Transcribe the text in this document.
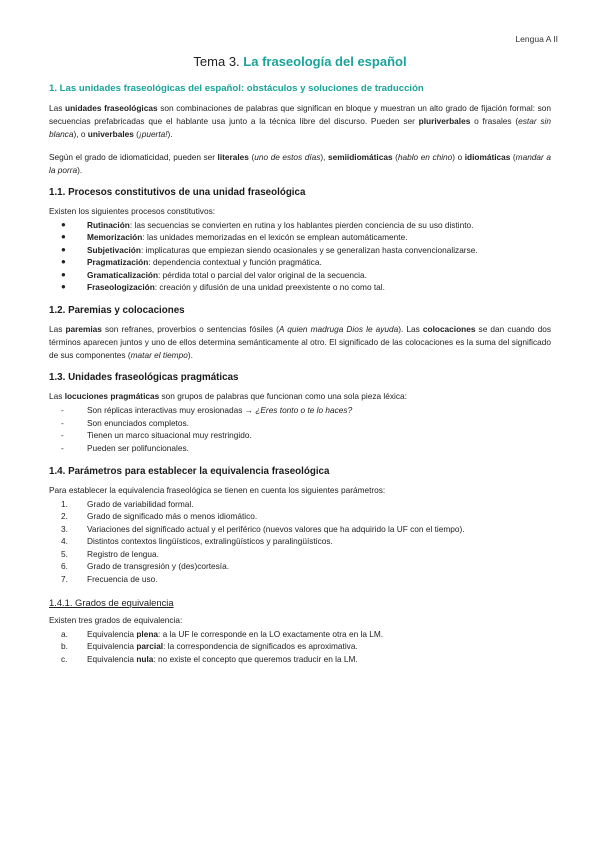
Lengua A II
Tema 3. La fraseología del español
1. Las unidades fraseológicas del español: obstáculos y soluciones de traducción

Las unidades fraseológicas son combinaciones de palabras que significan en bloque y muestran un alto grado de fijación formal: son secuencias prefabricadas que el hablante usa junto a la técnica libre del discurso. Pueden ser pluriverbales o frasales (estar sin blanca), o univerbales (¡puerta!).

Según el grado de idiomaticidad, pueden ser literales (uno de estos días), semiidiomáticas (hablo en chino) o idiomáticas (mandar a la porra).

1.1. Procesos constitutivos de una unidad fraseológica
Existen los siguientes procesos constitutivos:
●	Rutinación: las secuencias se convierten en rutina y los hablantes pierden conciencia de su uso distinto.
●	Memorización: las unidades memorizadas en el lexicón se emplean automáticamente.
●	Subjetivación: implicaturas que empiezan siendo ocasionales y se generalizan hasta convencionalizarse.
●	Pragmatización: dependencia contextual y función pragmática.
●	Gramaticalización: pérdida total o parcial del valor original de la secuencia.
●	Fraseologización: creación y difusión de una unidad preexistente o no como tal.
1.2. Paremias y colocaciones

Las paremias son refranes, proverbios o sentencias fósiles (A quien madruga Dios le ayuda). Las colocaciones se dan cuando dos términos aparecen juntos y uno de ellos determina semánticamente al otro. El significado de las colocaciones es la suma del significado de sus componentes (matar el tiempo).

1.3. Unidades fraseológicas pragmáticas
Las locuciones pragmáticas son grupos de palabras que funcionan como una sola pieza léxica:
-	Son réplicas interactivas muy erosionadas → ¿Eres tonto o te lo haces?
-	Son enunciados completos.
-	Tienen un marco situacional muy restringido.
-	Pueden ser polifuncionales.
1.4. Parámetros para establecer la equivalencia fraseológica
Para establecer la equivalencia fraseológica se tienen en cuenta los siguientes parámetros:
1.	Grado de variabilidad formal.
2.	Grado de significado más o menos idiomático.
3.	Variaciones del significado actual y el periférico (nuevos valores que ha adquirido la UF con el tiempo).
4.	Distintos contextos lingüísticos, extralingüísticos y paralingüísticos.
5.	Registro de lengua.
6.	Grado de transgresión y (des)cortesía.
7.	Frecuencia de uso.
1.4.1. Grados de equivalencia
Existen tres grados de equivalencia:
a.	Equivalencia plena: a la UF le corresponde en la LO exactamente otra en la LM.
b.	Equivalencia parcial: la correspondencia de significados es aproximativa.
c.	Equivalencia nula: no existe el concepto que queremos traducir en la LM.
